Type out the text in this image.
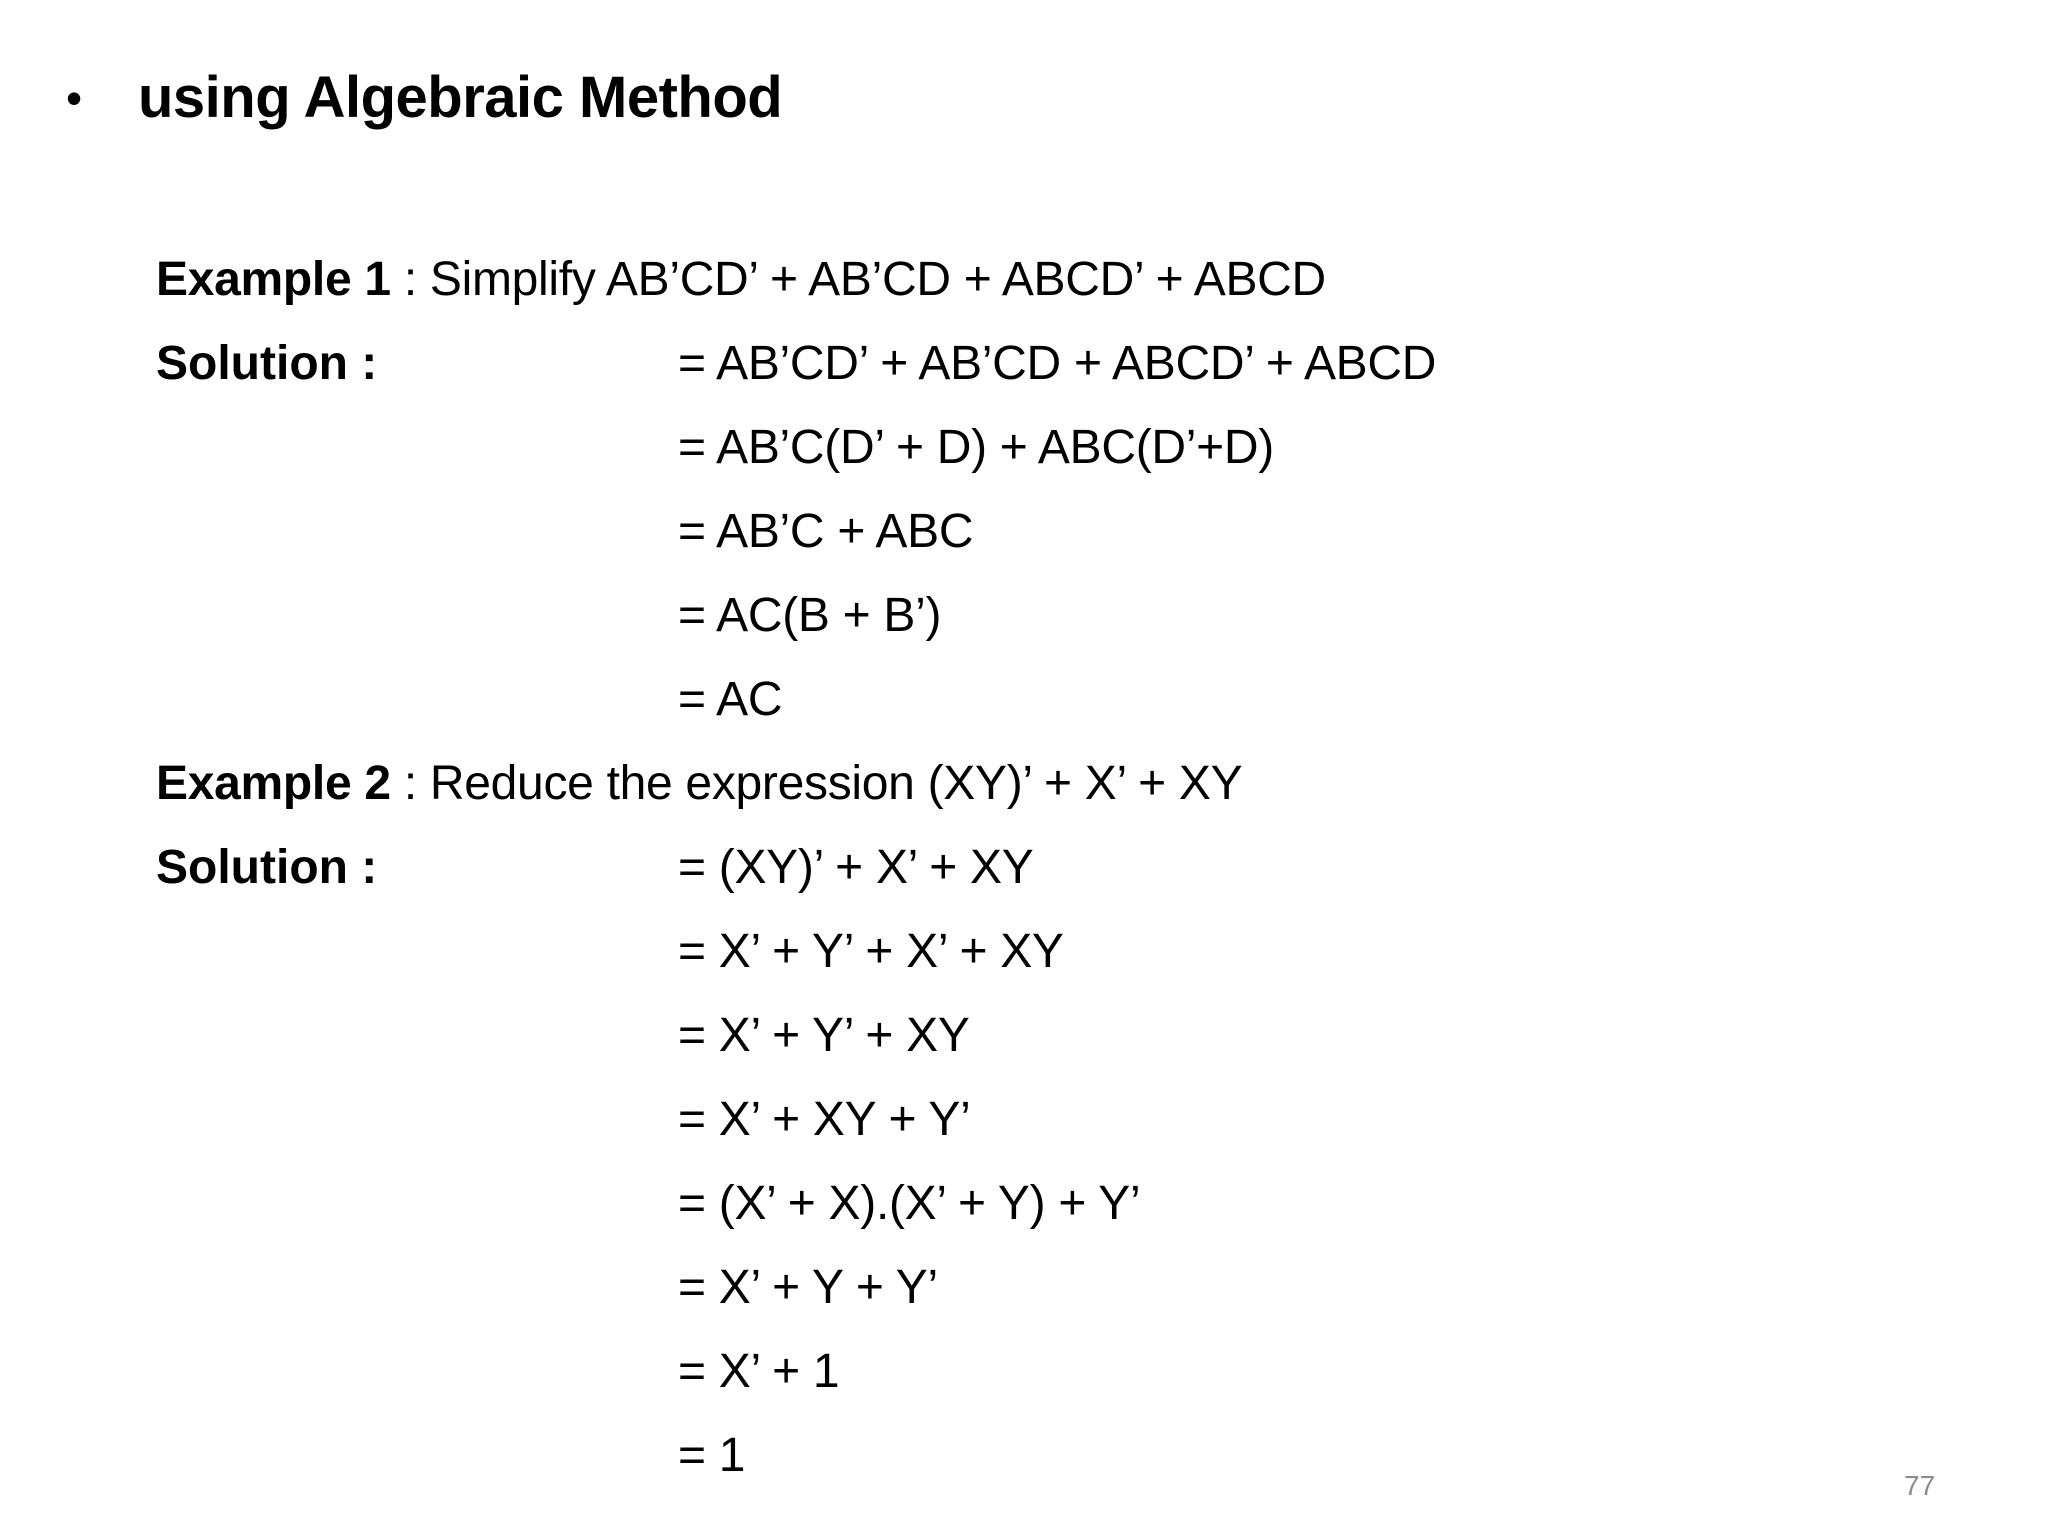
• using Algebraic Method
Example 1 : Simplify AB’CD’ + AB’CD + ABCD’ + ABCD
Solution :	= AB’CD’ + AB’CD + ABCD’ + ABCD
= AB’C(D’ + D) + ABC(D’+D)
= AB’C + ABC
= AC(B + B’)
= AC
Example 2 : Reduce the expression (XY)’ + X’ + XY
Solution :	= (XY)’ + X’ + XY
= X’ + Y’ + X’ + XY
= X’ + Y’ + XY
= X’ + XY + Y’
= (X’ + X).(X’ + Y) + Y’
= X’ + Y + Y’
= X’ + 1
= 1
77
